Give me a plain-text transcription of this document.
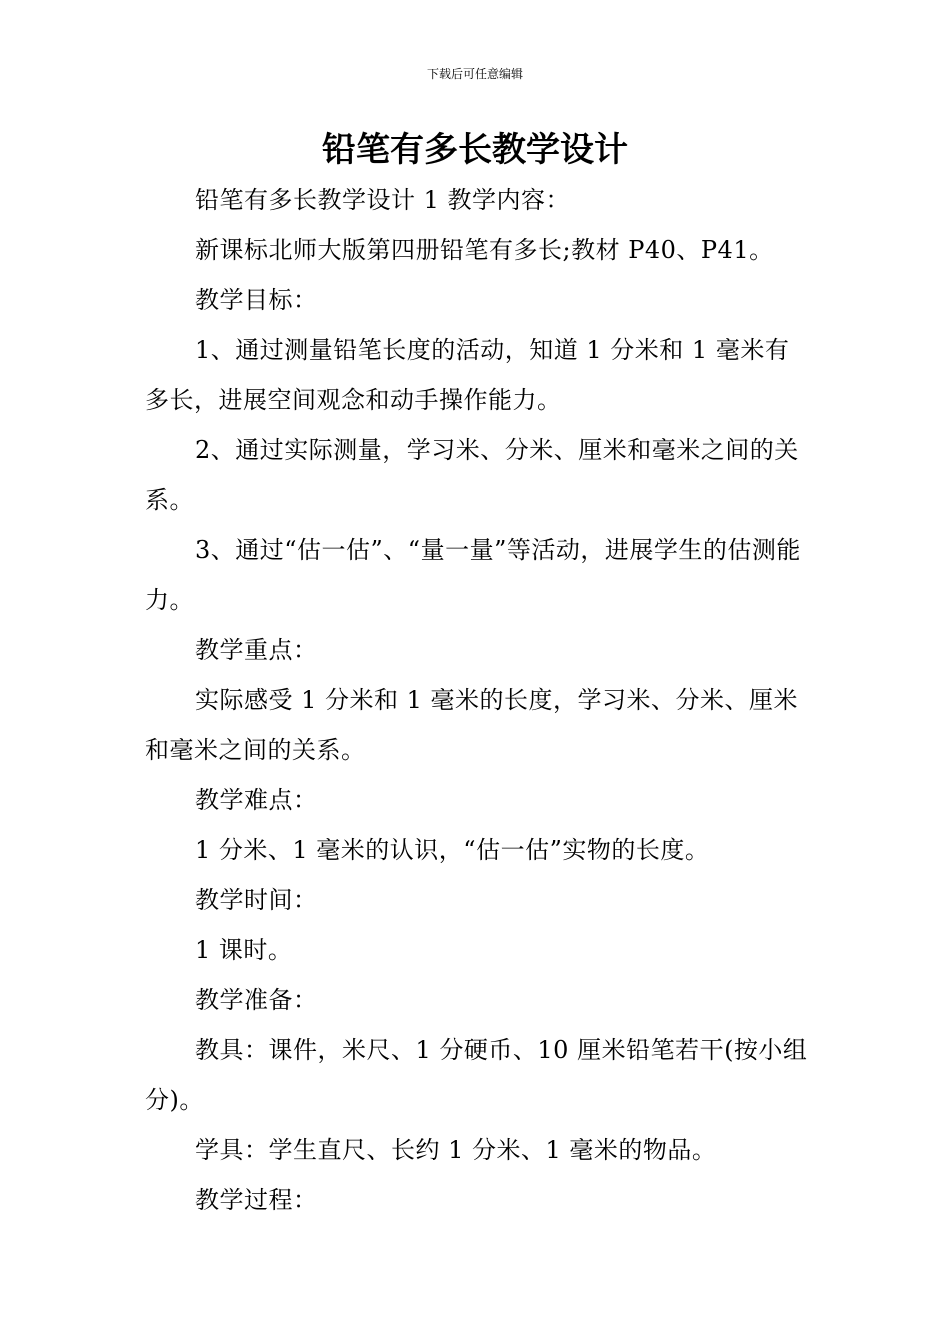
下载后可任意编辑
铅笔有多长教学设计

铅笔有多长教学设计 1 教学内容：

新课标北师大版第四册铅笔有多长;教材 P40、P41。

教学目标：

1、通过测量铅笔长度的活动，知道 1 分米和 1 毫米有多长，进展空间观念和动手操作能力。

2、通过实际测量，学习米、分米、厘米和毫米之间的关系。

3、通过“估一估”、“量一量”等活动，进展学生的估测能力。

教学重点：

实际感受 1 分米和 1 毫米的长度，学习米、分米、厘米和毫米之间的关系。

教学难点：

1 分米、1 毫米的认识，“估一估”实物的长度。

教学时间：

1 课时。

教学准备：

教具：课件，米尺、1 分硬币、10 厘米铅笔若干(按小组分)。

学具：学生直尺、长约 1 分米、1 毫米的物品。

教学过程：
